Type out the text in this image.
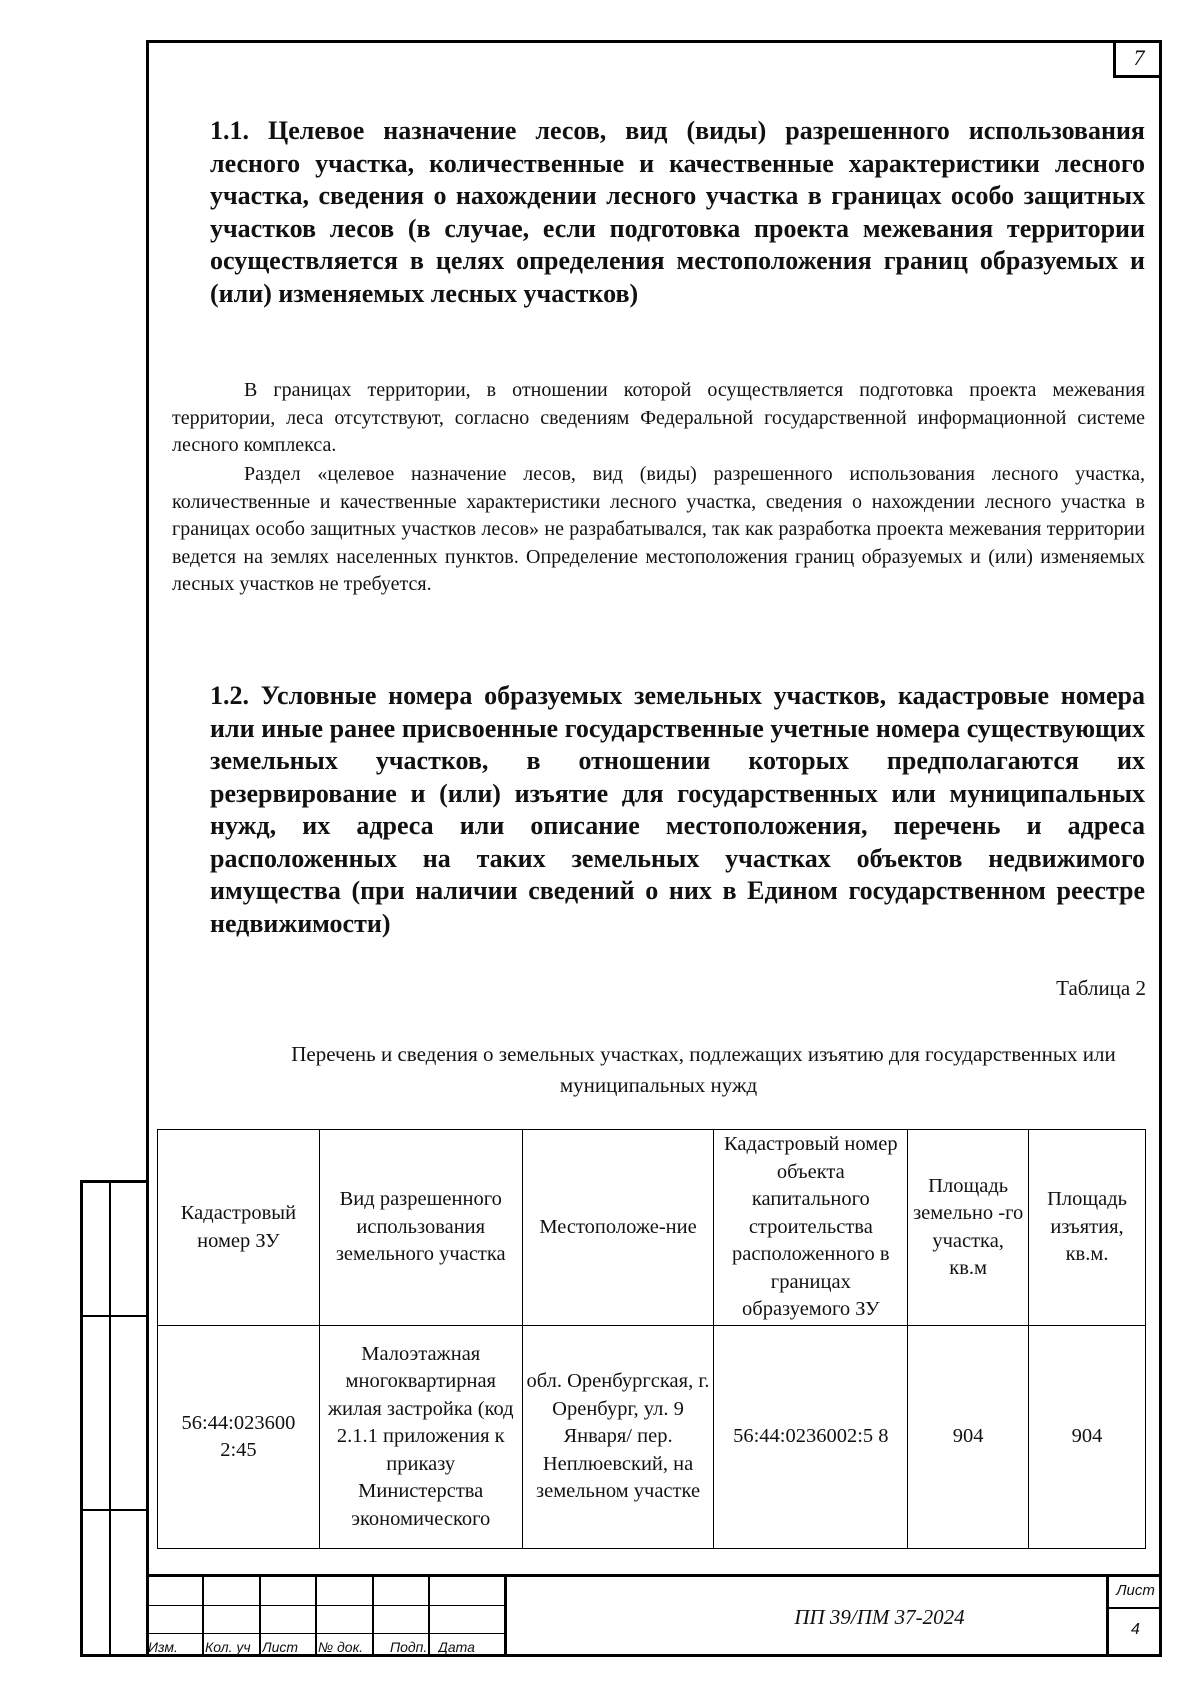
7

1.1. Целевое назначение лесов, вид (виды) разрешенного использования лесного участка, количественные и качественные характеристики лесного участка, сведения о нахождении лесного участка в границах особо защитных участков лесов (в случае, если подготовка проекта межевания территории осуществляется в целях определения местоположения границ образуемых и (или) изменяемых лесных участков)

В границах территории, в отношении которой осуществляется подготовка проекта межевания территории, леса отсутствуют, согласно сведениям Федеральной государственной информационной системе лесного комплекса.

Раздел «целевое назначение лесов, вид (виды) разрешенного использования лесного участка, количественные и качественные характеристики лесного участка, сведения о нахождении лесного участка в границах особо защитных участков лесов» не разрабатывался, так как разработка проекта межевания территории ведется на землях населенных пунктов. Определение местоположения границ образуемых и (или) изменяемых лесных участков не требуется.

1.2. Условные номера образуемых земельных участков, кадастровые номера или иные ранее присвоенные государственные учетные номера существующих земельных участков, в отношении которых предполагаются их резервирование и (или) изъятие для государственных или муниципальных нужд, их адреса или описание местоположения, перечень и адреса расположенных на таких земельных участках объектов недвижимого имущества (при наличии сведений о них в Едином государственном реестре недвижимости)

Таблица 2
Перечень и сведения о земельных участках, подлежащих изъятию для государственных или муниципальных нужд
Кадастровый номер ЗУ	Вид разрешенного использования земельного участка	Местоположе-ние	Кадастровый номер объекта капитального строительства расположенного в границах образуемого ЗУ	Площадь земельно -го участка, кв.м	Площадь изъятия, кв.м.
56:44:023600 2:45	Малоэтажная многоквартирная жилая застройка (код 2.1.1 приложения к приказу Министерства экономического	обл. Оренбургская, г. Оренбург, ул. 9 Января/ пер. Неплюевский, на земельном участке	56:44:0236002:5 8	904	904
Изм.	Кол. уч Лист	№ док.	Подп. Дата
ПП 39/ПМ 37-2024
Лист
4
